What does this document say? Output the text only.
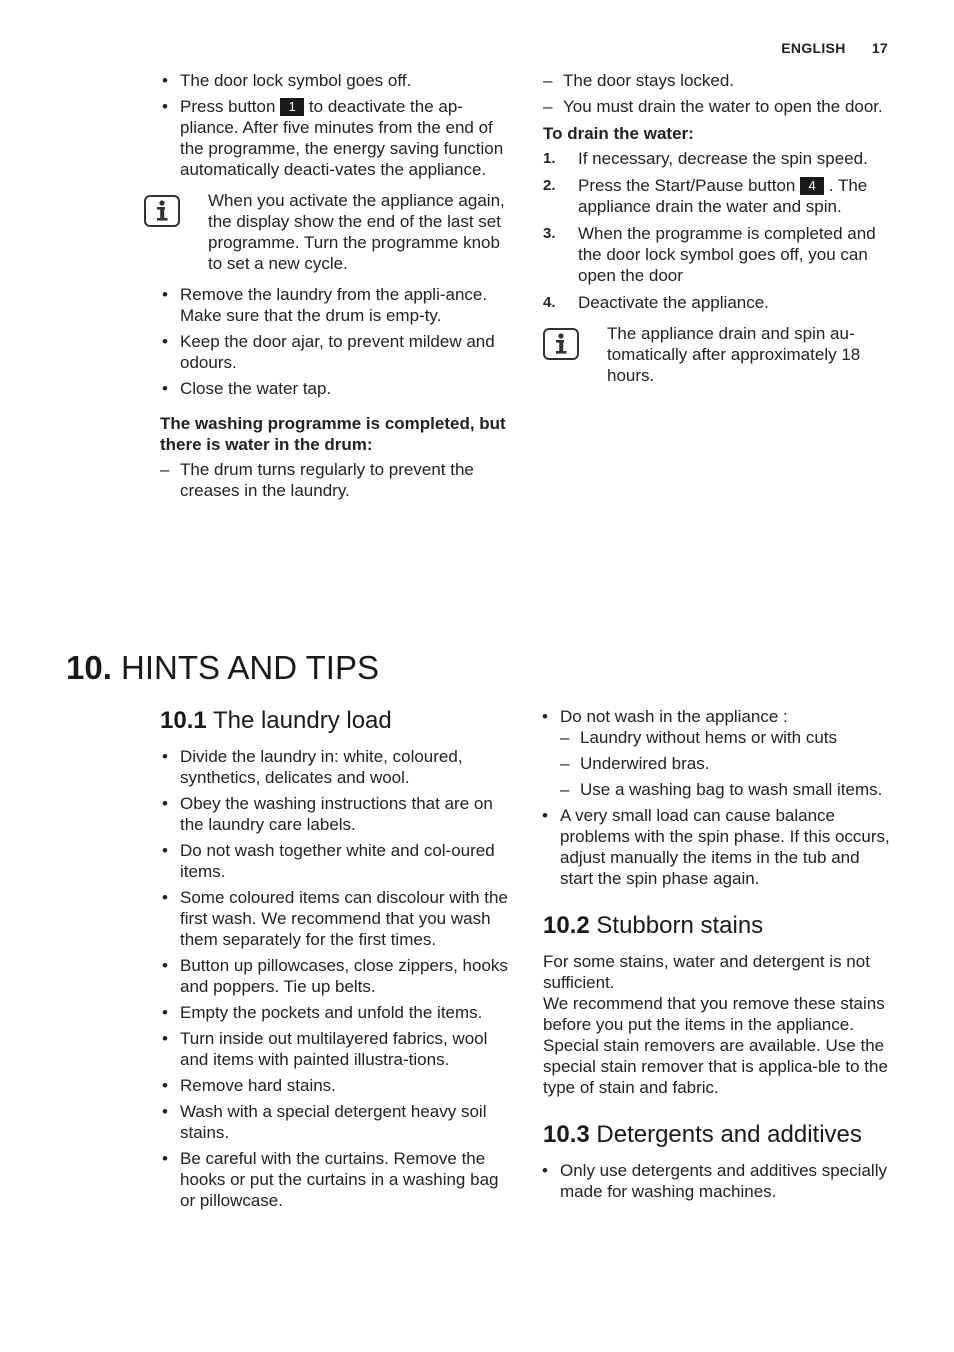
ENGLISH 17
• The door lock symbol goes off.
• Press button 1 to deactivate the ap-pliance. After five minutes from the end of the programme, the energy saving function automatically deacti-vates the appliance.
When you activate the appliance again, the display show the end of the last set programme. Turn the programme knob to set a new cycle.
• Remove the laundry from the appli-ance. Make sure that the drum is emp-ty.
• Keep the door ajar, to prevent mildew and odours.
• Close the water tap.
The washing programme is completed, but there is water in the drum:
– The drum turns regularly to prevent the creases in the laundry.
– The door stays locked.
– You must drain the water to open the door.
To drain the water:
1. If necessary, decrease the spin speed.
2. Press the Start/Pause button 4 . The appliance drain the water and spin.
3. When the programme is completed and the door lock symbol goes off, you can open the door
4. Deactivate the appliance.
The appliance drain and spin au-tomatically after approximately 18 hours.
10. HINTS AND TIPS
10.1 The laundry load
• Divide the laundry in: white, coloured, synthetics, delicates and wool.
• Obey the washing instructions that are on the laundry care labels.
• Do not wash together white and col-oured items.
• Some coloured items can discolour with the first wash. We recommend that you wash them separately for the first times.
• Button up pillowcases, close zippers, hooks and poppers. Tie up belts.
• Empty the pockets and unfold the items.
• Turn inside out multilayered fabrics, wool and items with painted illustra-tions.
• Remove hard stains.
• Wash with a special detergent heavy soil stains.
• Be careful with the curtains. Remove the hooks or put the curtains in a washing bag or pillowcase.
• Do not wash in the appliance :
– Laundry without hems or with cuts
– Underwired bras.
– Use a washing bag to wash small items.
• A very small load can cause balance problems with the spin phase. If this occurs, adjust manually the items in the tub and start the spin phase again.
10.2 Stubborn stains

For some stains, water and detergent is not sufficient.

We recommend that you remove these stains before you put the items in the appliance.

Special stain removers are available. Use the special stain remover that is applica-ble to the type of stain and fabric.

10.3 Detergents and additives
• Only use detergents and additives specially made for washing machines.
